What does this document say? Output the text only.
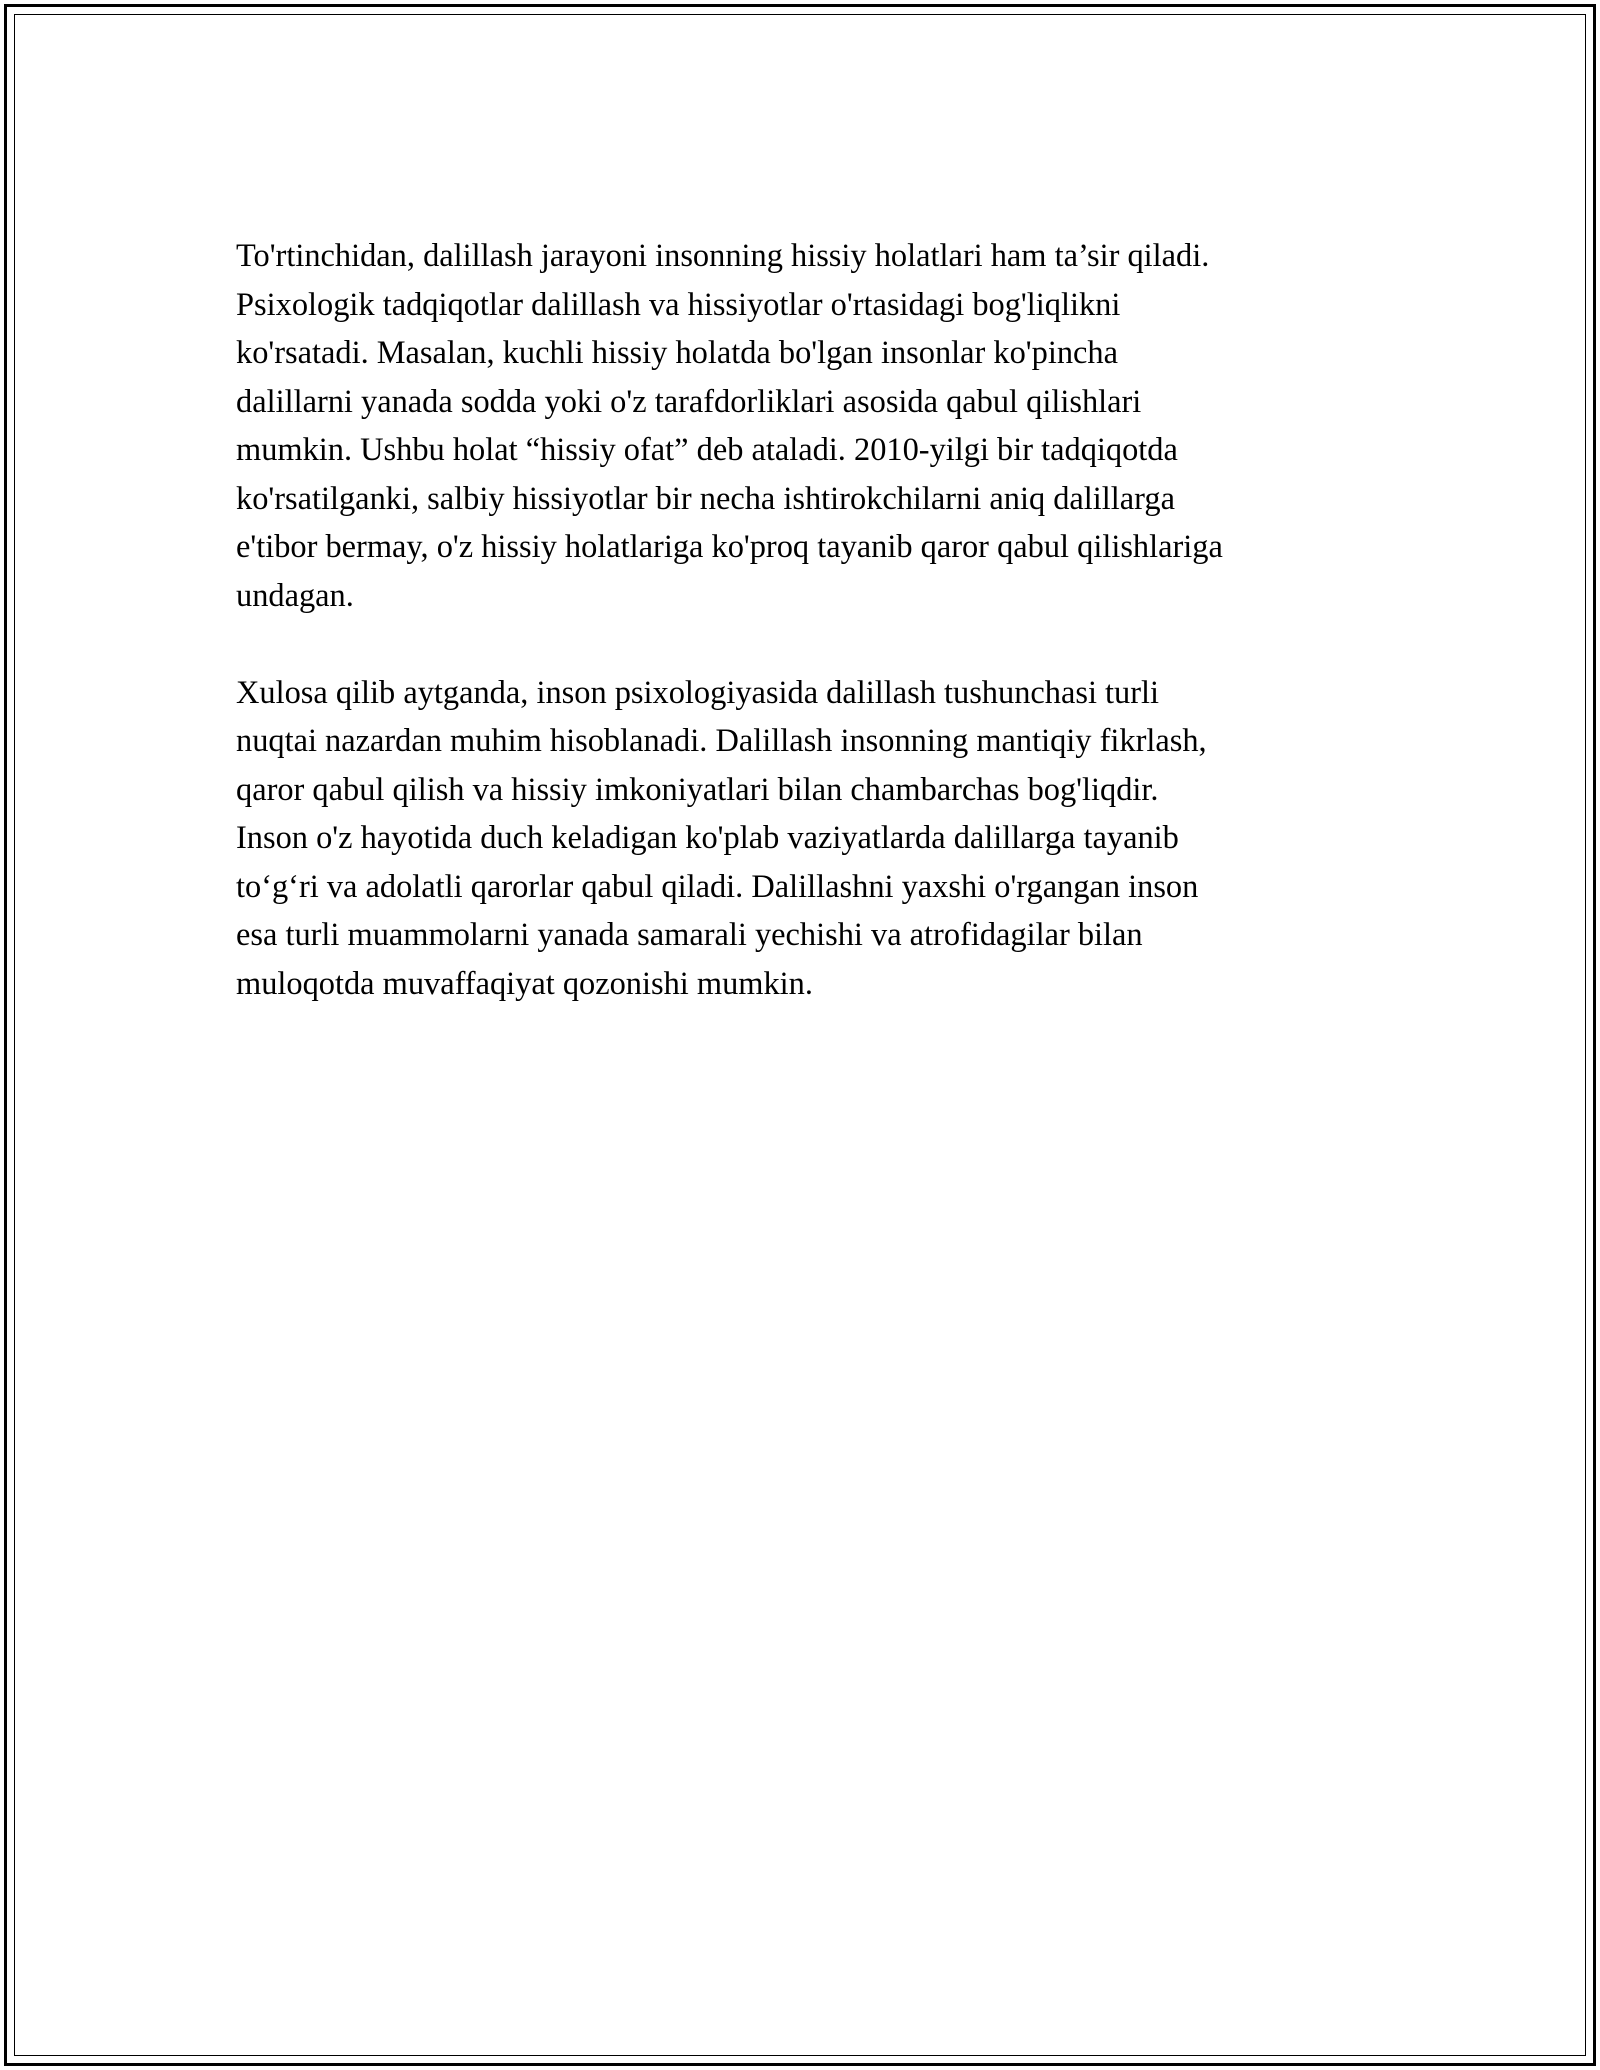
To'rtinchidan, dalillash jarayoni insonning hissiy holatlari ham ta’sir qiladi.
Psixologik tadqiqotlar dalillash va hissiyotlar o'rtasidagi bog'liqlikni
ko'rsatadi. Masalan, kuchli hissiy holatda bo'lgan insonlar ko'pincha
dalillarni yanada sodda yoki o'z tarafdorliklari asosida qabul qilishlari
mumkin. Ushbu holat “hissiy ofat” deb ataladi. 2010-yilgi bir tadqiqotda
ko'rsatilganki, salbiy hissiyotlar bir necha ishtirokchilarni aniq dalillarga
e'tibor bermay, o'z hissiy holatlariga ko'proq tayanib qaror qabul qilishlariga
undagan.

Xulosa qilib aytganda, inson psixologiyasida dalillash tushunchasi turli
nuqtai nazardan muhim hisoblanadi. Dalillash insonning mantiqiy fikrlash,
qaror qabul qilish va hissiy imkoniyatlari bilan chambarchas bog'liqdir.
Inson o'z hayotida duch keladigan ko'plab vaziyatlarda dalillarga tayanib
to‘g‘ri va adolatli qarorlar qabul qiladi. Dalillashni yaxshi o'rgangan inson
esa turli muammolarni yanada samarali yechishi va atrofidagilar bilan
muloqotda muvaffaqiyat qozonishi mumkin.
